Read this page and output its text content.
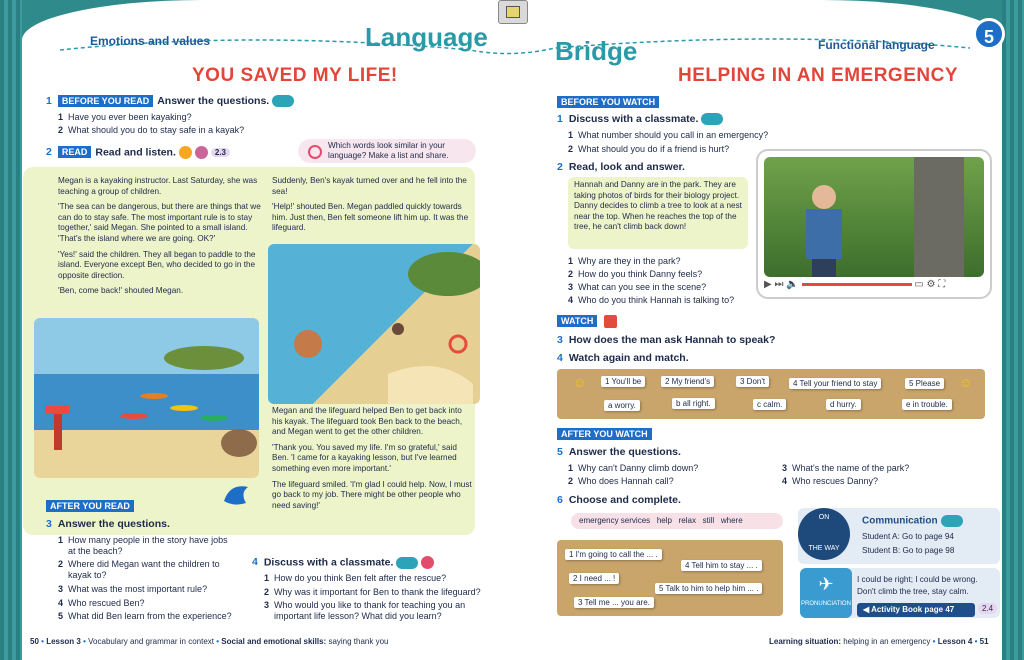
Emotions and values	Language	Bridge	Functional language	5
YOU SAVED MY LIFE!
1 BEFORE YOU READ Answer the questions.
1 Have you ever been kayaking?
2 What should you do to stay safe in a kayak?
2 READ Read and listen.	2.3
Which words look similar in your language? Make a list and share.

Megan is a kayaking instructor. Last Saturday, she was teaching a group of children.

'The sea can be dangerous, but there are things that we can do to stay safe. The most important rule is to stay together,' said Megan. She pointed to a small island. 'That's the island where we are going. OK?'

'Yes!' said the children. They all began to paddle to the island. Everyone except Ben, who decided to go in the opposite direction.

'Ben, come back!' shouted Megan.

Suddenly, Ben's kayak turned over and he fell into the sea!

'Help!' shouted Ben. Megan paddled quickly towards him. Just then, Ben felt someone lift him up. It was the lifeguard.

Megan and the lifeguard helped Ben to get back into his kayak. The lifeguard took Ben back to the beach, and Megan went to get the other children.

'Thank you. You saved my life. I'm so grateful,' said Ben. 'I came for a kayaking lesson, but I've learned something even more important.'

The lifeguard smiled. 'I'm glad I could help. Now, I must go back to my job. There might be other people who need saving!'

AFTER YOU READ
3 Answer the questions.
1 How many people in the story have jobs
at the beach?
2 Where did Megan want the children to
kayak to?
3 What was the most important rule?
4 Who rescued Ben?
5 What did Ben learn from the experience?
4 Discuss with a classmate.
1 How do you think Ben felt after the rescue?
2 Why was it important for Ben to thank the lifeguard?
3 Who would you like to thank for teaching you an
important life lesson? What did you learn?
50 • Lesson 3 • Vocabulary and grammar in context • Social and emotional skills: saying thank you
HELPING IN AN EMERGENCY
BEFORE YOU WATCH
1 Discuss with a classmate.
1 What number should you call in an emergency?
2 What should you do if a friend is hurt?
2 Read, look and answer.
Hannah and Danny are in the park. They are taking photos of birds for their biology project. Danny decides to climb a tree to look at a nest near the top. When he reaches the top of the tree, he can't climb back down!
▶ ⏭ 🔈	▭ ⚙ ⛶
1 Why are they in the park?
2 How do you think Danny feels?
3 What can you see in the scene?
4 Who do you think Hannah is talking to?
WATCH
3 How does the man ask Hannah to speak?
4 Watch again and match.
☺	☺
1 You'll be	2 My friend's	3 Don't	4 Tell your friend to stay	5 Please
a worry.	b all right.	c calm.	d hurry.	e in trouble.
AFTER YOU WATCH
5 Answer the questions.
1 Why can't Danny climb down?
2 Who does Hannah call?
3 What's the name of the park?
4 Who rescues Danny?
6 Choose and complete.
emergency services help relax still where
1 I'm going to call the ... .
2 I need ... !
3 Tell me ... you are.
4 Tell him to stay ... .
5 Talk to him to help him ... .
ON
THE WAY
Communication
Student A: Go to page 94
Student B: Go to page 98
✈
PRONUNCIATION
I could be right; I could be wrong.
Don't climb the tree, stay calm.
◀ Activity Book page 47	2.4
Learning situation: helping in an emergency • Lesson 4 • 51
